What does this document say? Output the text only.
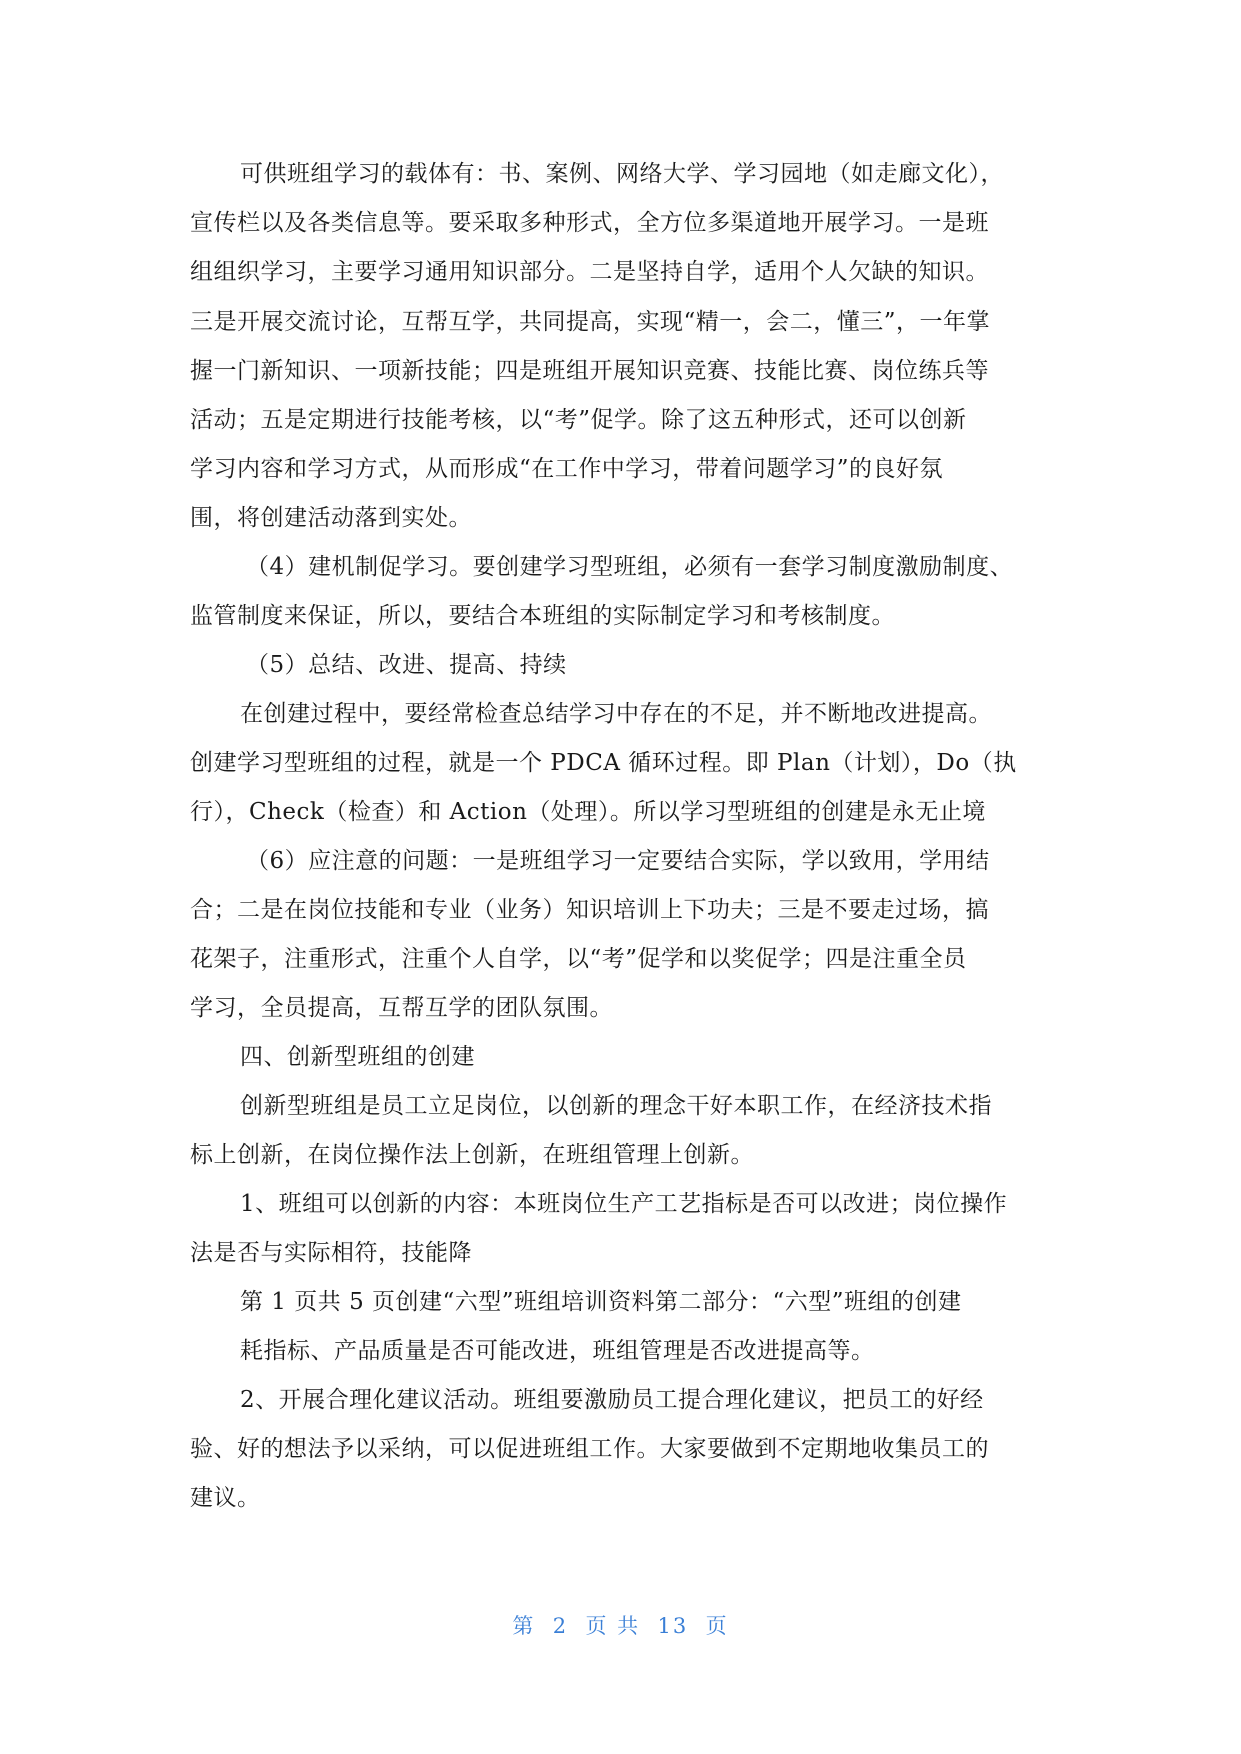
可供班组学习的载体有：书、案例、网络大学、学习园地（如走廊文化），

宣传栏以及各类信息等。要采取多种形式，全方位多渠道地开展学习。一是班

组组织学习，主要学习通用知识部分。二是坚持自学，适用个人欠缺的知识。

三是开展交流讨论，互帮互学，共同提高，实现“精一，会二，懂三”，一年掌

握一门新知识、一项新技能；四是班组开展知识竞赛、技能比赛、岗位练兵等

活动；五是定期进行技能考核，以“考”促学。除了这五种形式，还可以创新

学习内容和学习方式，从而形成“在工作中学习，带着问题学习”的良好氛

围，将创建活动落到实处。

（4）建机制促学习。要创建学习型班组，必须有一套学习制度激励制度、

监管制度来保证，所以，要结合本班组的实际制定学习和考核制度。

（5）总结、改进、提高、持续

在创建过程中，要经常检查总结学习中存在的不足，并不断地改进提高。

创建学习型班组的过程，就是一个 PDCA 循环过程。即 Plan（计划），Do（执

行），Check（检查）和 Action（处理）。所以学习型班组的创建是永无止境

（6）应注意的问题：一是班组学习一定要结合实际，学以致用，学用结

合；二是在岗位技能和专业（业务）知识培训上下功夫；三是不要走过场，搞

花架子，注重形式，注重个人自学，以“考”促学和以奖促学；四是注重全员

学习，全员提高，互帮互学的团队氛围。

四、创新型班组的创建

创新型班组是员工立足岗位，以创新的理念干好本职工作，在经济技术指

标上创新，在岗位操作法上创新，在班组管理上创新。

1、班组可以创新的内容：本班岗位生产工艺指标是否可以改进；岗位操作

法是否与实际相符，技能降

第 1 页共 5 页创建“六型”班组培训资料第二部分：“六型”班组的创建

耗指标、产品质量是否可能改进，班组管理是否改进提高等。

2、开展合理化建议活动。班组要激励员工提合理化建议，把员工的好经

验、好的想法予以采纳，可以促进班组工作。大家要做到不定期地收集员工的

建议。

第  2  页 共  13  页
